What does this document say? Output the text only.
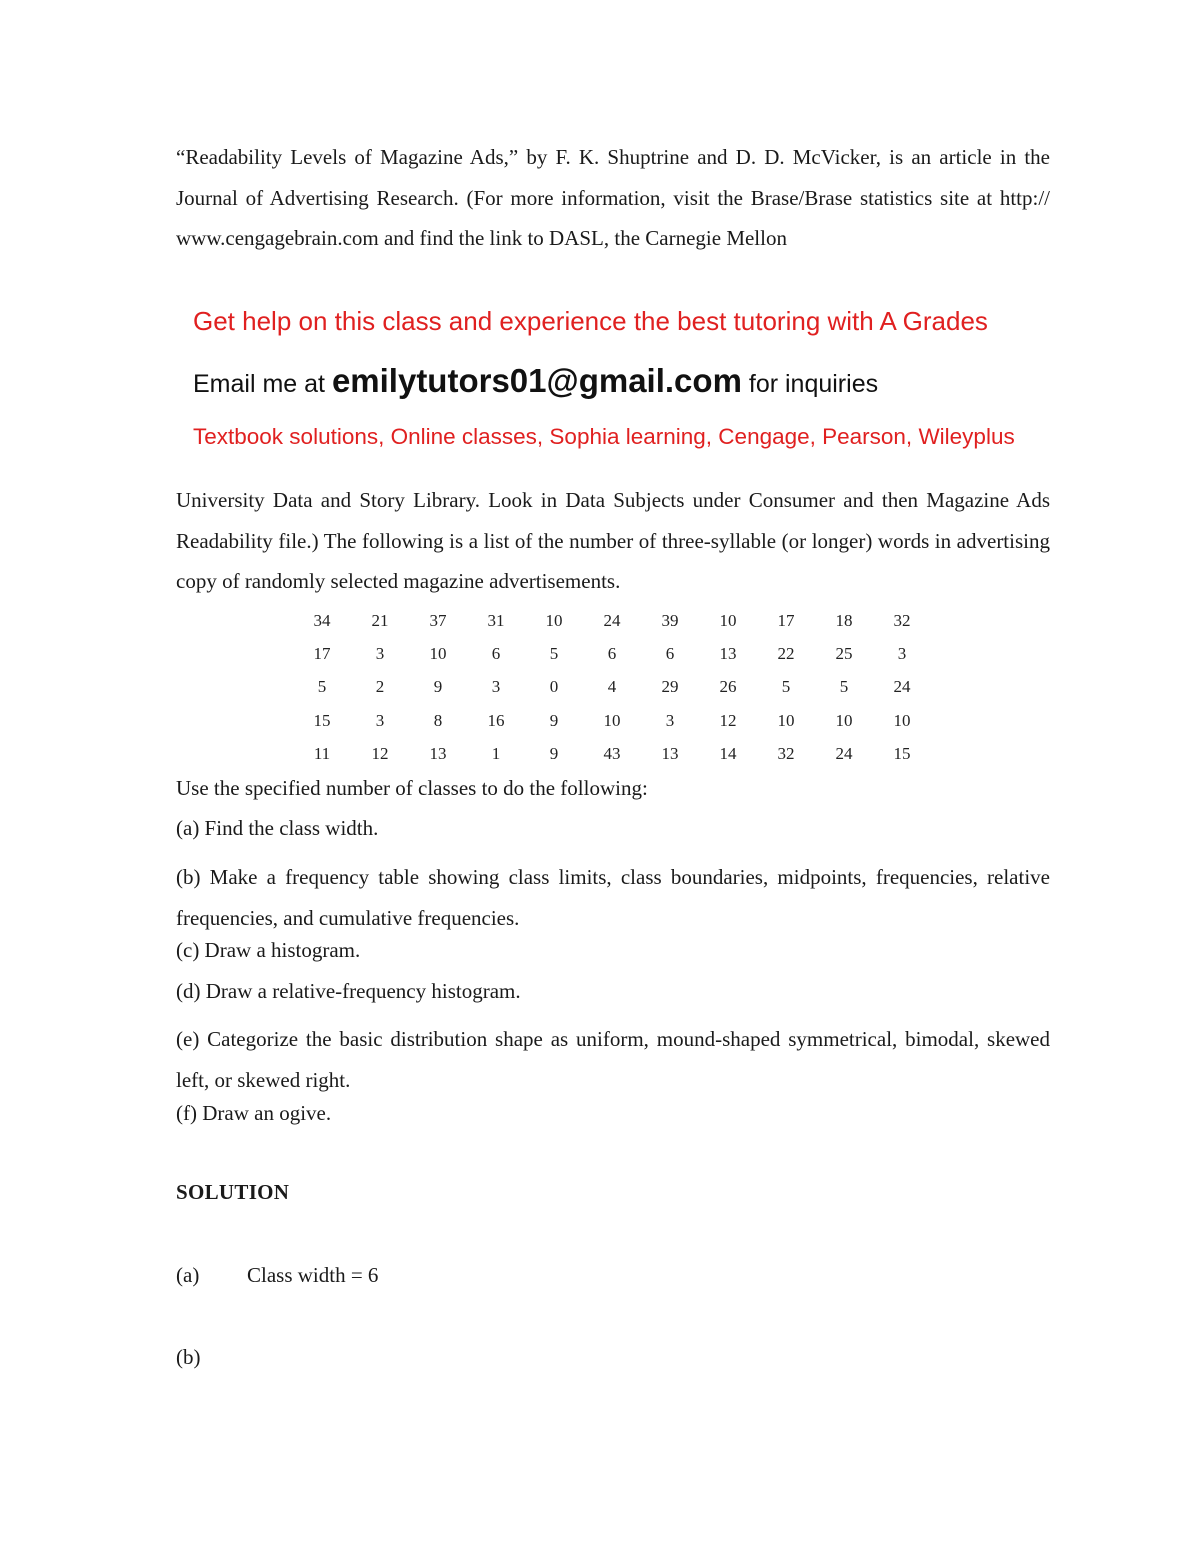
“Readability Levels of Magazine Ads,” by F. K. Shuptrine and D. D. McVicker, is an article in the Journal of Advertising Research. (For more information, visit the Brase/Brase statistics site at http:// www.cengagebrain.com and find the link to DASL, the Carnegie Mellon

Get help on this class and experience the best tutoring with A Grades

Email me at emilytutors01@gmail.com for inquiries

Textbook solutions, Online classes, Sophia learning, Cengage, Pearson, Wileyplus

University Data and Story Library. Look in Data Subjects under Consumer and then Magazine Ads Readability file.) The following is a list of the number of three-syllable (or longer) words in advertising copy of randomly selected magazine advertisements.

34	21	37	31	10	24	39	10	17	18	32
17	3	10	6	5	6	6	13	22	25	3
5	2	9	3	0	4	29	26	5	5	24
15	3	8	16	9	10	3	12	10	10	10
11	12	13	1	9	43	13	14	32	24	15

Use the specified number of classes to do the following:

(a) Find the class width.

(b) Make a frequency table showing class limits, class boundaries, midpoints, frequencies, relative frequencies, and cumulative frequencies.

(c) Draw a histogram.

(d) Draw a relative-frequency histogram.

(e) Categorize the basic distribution shape as uniform, mound-shaped symmetrical, bimodal, skewed left, or skewed right.

(f) Draw an ogive.

SOLUTION

(a) Class width = 6

(b)
